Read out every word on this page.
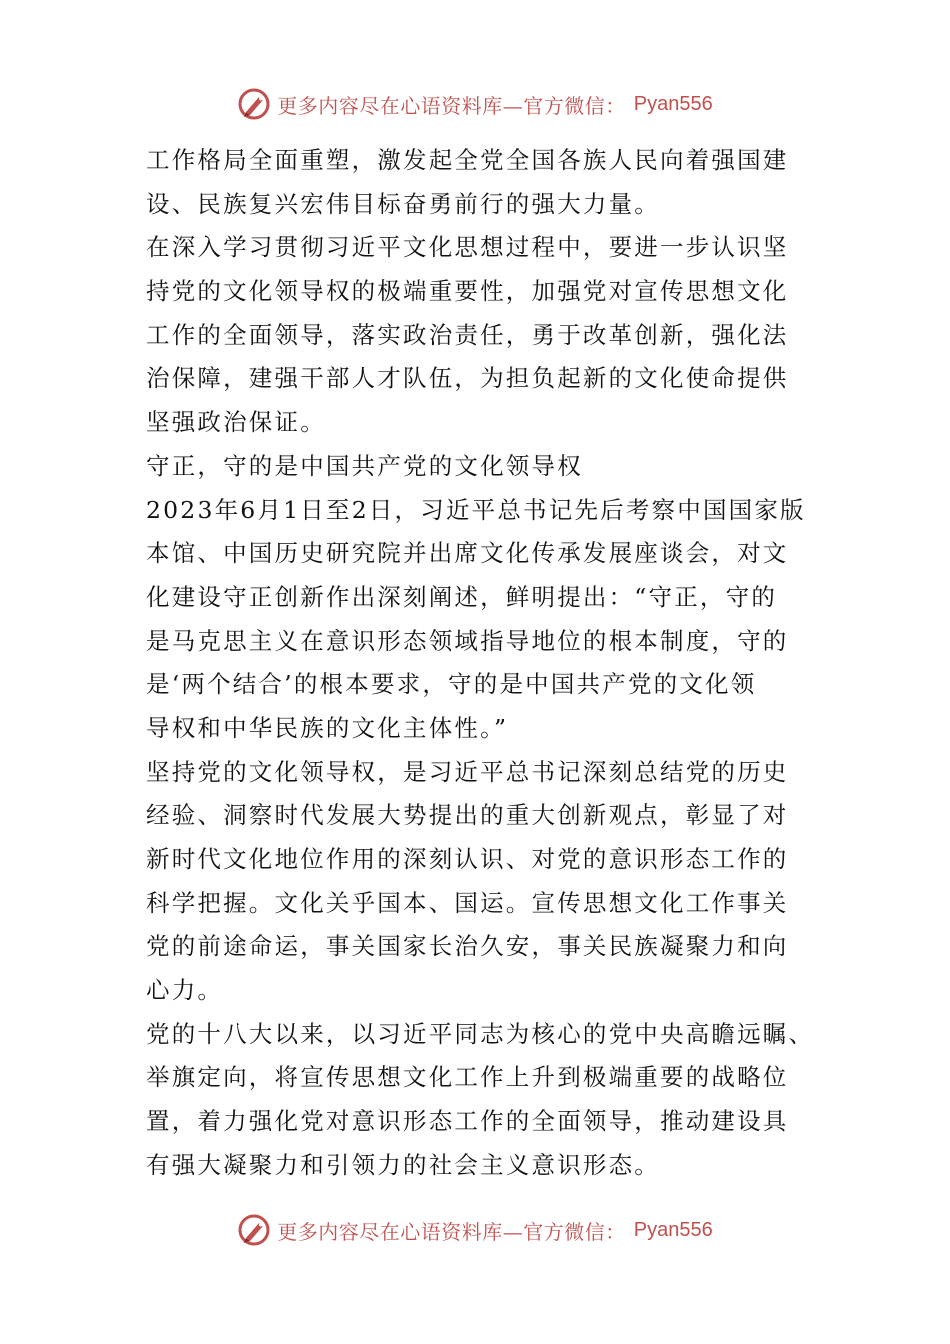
更多内容尽在心语资料库—官方微信： Pyan556
工作格局全面重塑，激发起全党全国各族人民向着强国建
设、民族复兴宏伟目标奋勇前行的强大力量。
在深入学习贯彻习近平文化思想过程中，要进一步认识坚
持党的文化领导权的极端重要性，加强党对宣传思想文化
工作的全面领导，落实政治责任，勇于改革创新，强化法
治保障，建强干部人才队伍，为担负起新的文化使命提供
坚强政治保证。
守正，守的是中国共产党的文化领导权
2023年6月1日至2日，习近平总书记先后考察中国国家版
本馆、中国历史研究院并出席文化传承发展座谈会，对文
化建设守正创新作出深刻阐述，鲜明提出：“守正，守的
是马克思主义在意识形态领域指导地位的根本制度，守的
是‘两个结合’的根本要求，守的是中国共产党的文化领
导权和中华民族的文化主体性。”
坚持党的文化领导权，是习近平总书记深刻总结党的历史
经验、洞察时代发展大势提出的重大创新观点，彰显了对
新时代文化地位作用的深刻认识、对党的意识形态工作的
科学把握。文化关乎国本、国运。宣传思想文化工作事关
党的前途命运，事关国家长治久安，事关民族凝聚力和向
心力。
党的十八大以来，以习近平同志为核心的党中央高瞻远瞩、
举旗定向，将宣传思想文化工作上升到极端重要的战略位
置，着力强化党对意识形态工作的全面领导，推动建设具
有强大凝聚力和引领力的社会主义意识形态。
更多内容尽在心语资料库—官方微信： Pyan556
